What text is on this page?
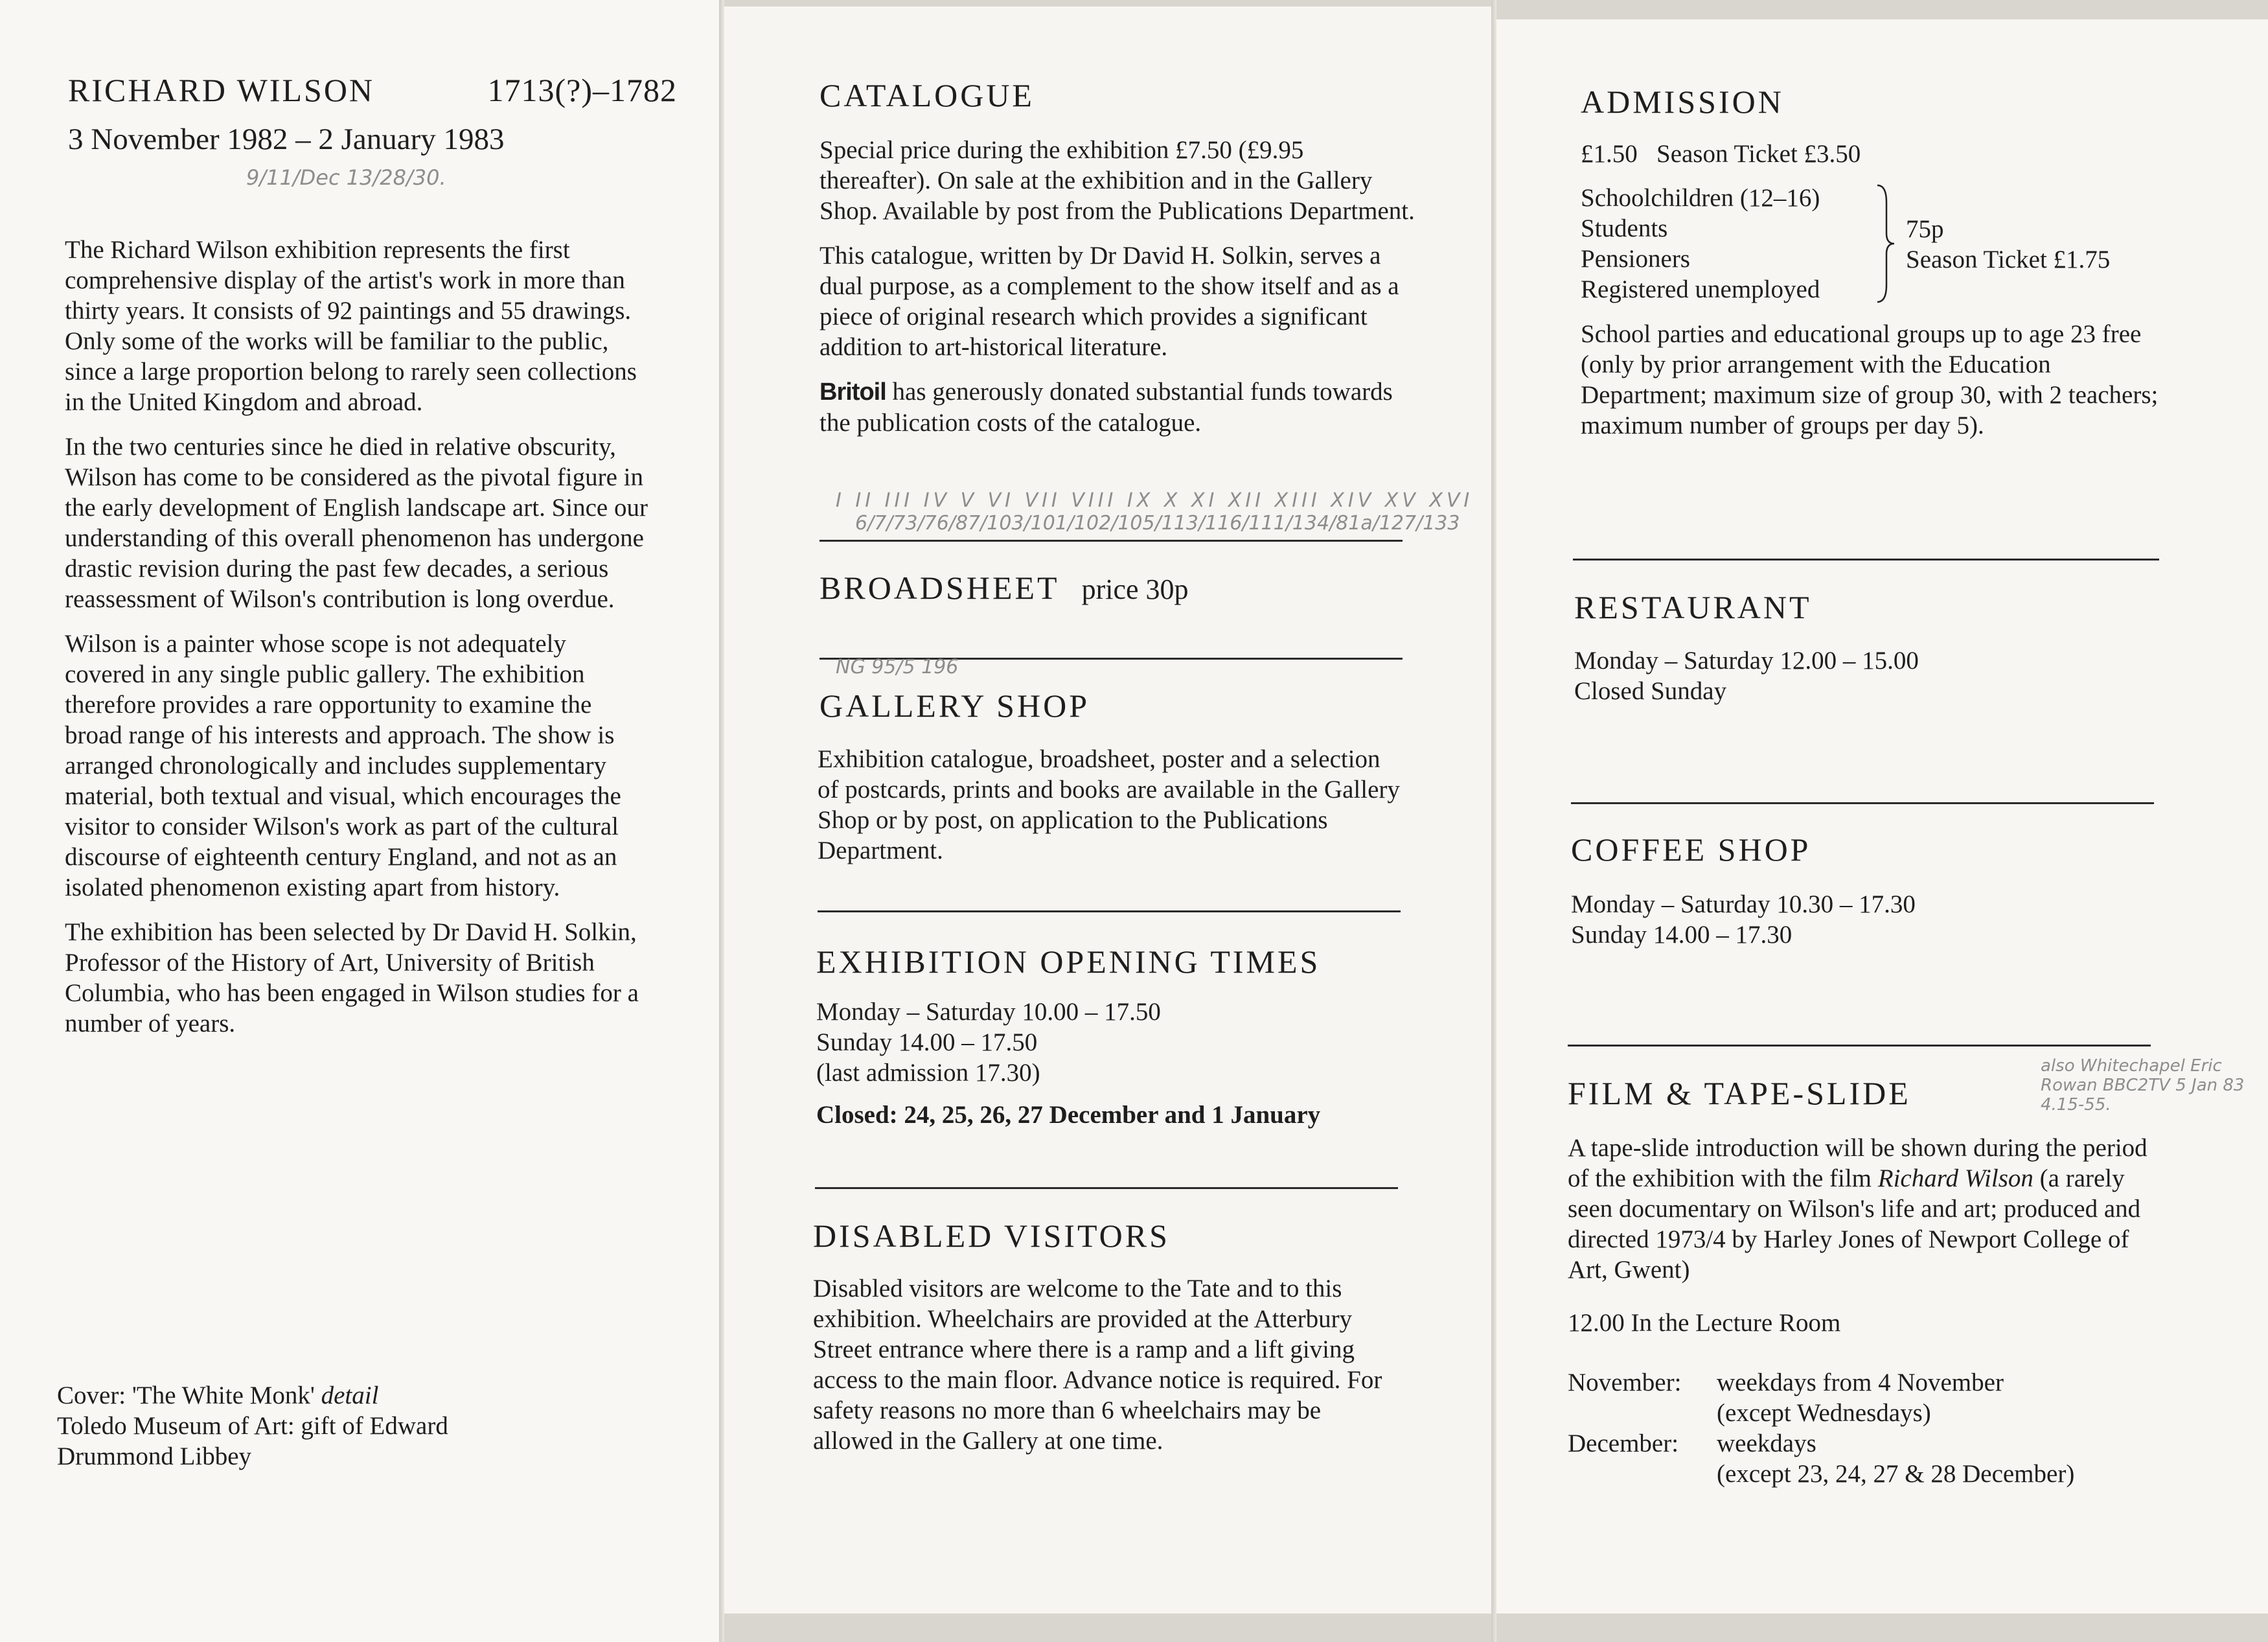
RICHARD WILSON	1713(?)–1782
3 November 1982 – 2 January 1983
9/11/Dec 13/28/30.

The Richard Wilson exhibition represents the first comprehensive display of the artist's work in more than thirty years. It consists of 92 paintings and 55 drawings. Only some of the works will be familiar to the public, since a large proportion belong to rarely seen collections in the United Kingdom and abroad.

In the two centuries since he died in relative obscurity, Wilson has come to be considered as the pivotal figure in the early development of English landscape art. Since our understanding of this overall phenomenon has undergone drastic revision during the past few decades, a serious reassessment of Wilson's contribution is long overdue.

Wilson is a painter whose scope is not adequately covered in any single public gallery. The exhibition therefore provides a rare opportunity to examine the broad range of his interests and approach. The show is arranged chronologically and includes supplementary material, both textual and visual, which encourages the visitor to consider Wilson's work as part of the cultural discourse of eighteenth century England, and not as an isolated phenomenon existing apart from history.

The exhibition has been selected by Dr David H. Solkin, Professor of the History of Art, University of British Columbia, who has been engaged in Wilson studies for a number of years.

Cover: 'The White Monk' detail
Toledo Museum of Art: gift of Edward
Drummond Libbey
CATALOGUE

Special price during the exhibition £7.50 (£9.95 thereafter). On sale at the exhibition and in the Gallery Shop. Available by post from the Publications Department.

This catalogue, written by Dr David H. Solkin, serves a dual purpose, as a complement to the show itself and as a piece of original research which provides a significant addition to art-historical literature.

Britoil has generously donated substantial funds towards the publication costs of the catalogue.

I II III IV V VI VII VIII IX X XI XII XIII XIV XV XVI
6/7/73/76/87/103/101/102/105/113/116/111/134/81a/127/133
BROADSHEET price 30p
NG 95/5 196
GALLERY SHOP
Exhibition catalogue, broadsheet, poster and a selection of postcards, prints and books are available in the Gallery Shop or by post, on application to the Publications Department.
EXHIBITION OPENING TIMES
Monday – Saturday 10.00 – 17.50
Sunday 14.00 – 17.50
(last admission 17.30)
Closed: 24, 25, 26, 27 December and 1 January
DISABLED VISITORS
Disabled visitors are welcome to the Tate and to this exhibition. Wheelchairs are provided at the Atterbury Street entrance where there is a ramp and a lift giving access to the main floor. Advance notice is required. For safety reasons no more than 6 wheelchairs may be allowed in the Gallery at one time.
ADMISSION
£1.50   Season Ticket £3.50
Schoolchildren (12–16)
Students
Pensioners
Registered unemployed
75p
Season Ticket £1.75
School parties and educational groups up to age 23 free (only by prior arrangement with the Education Department; maximum size of group 30, with 2 teachers; maximum number of groups per day 5).
RESTAURANT
Monday – Saturday 12.00 – 15.00
Closed Sunday
COFFEE SHOP
Monday – Saturday 10.30 – 17.30
Sunday 14.00 – 17.30
FILM & TAPE-SLIDE
also Whitechapel Eric Rowan BBC2TV 5 Jan 83 4.15-55.
A tape-slide introduction will be shown during the period of the exhibition with the film Richard Wilson (a rarely seen documentary on Wilson's life and art; produced and directed 1973/4 by Harley Jones of Newport College of Art, Gwent)
12.00 In the Lecture Room
November:	weekdays from 4 November
(except Wednesdays)
December:	weekdays
(except 23, 24, 27 & 28 December)
